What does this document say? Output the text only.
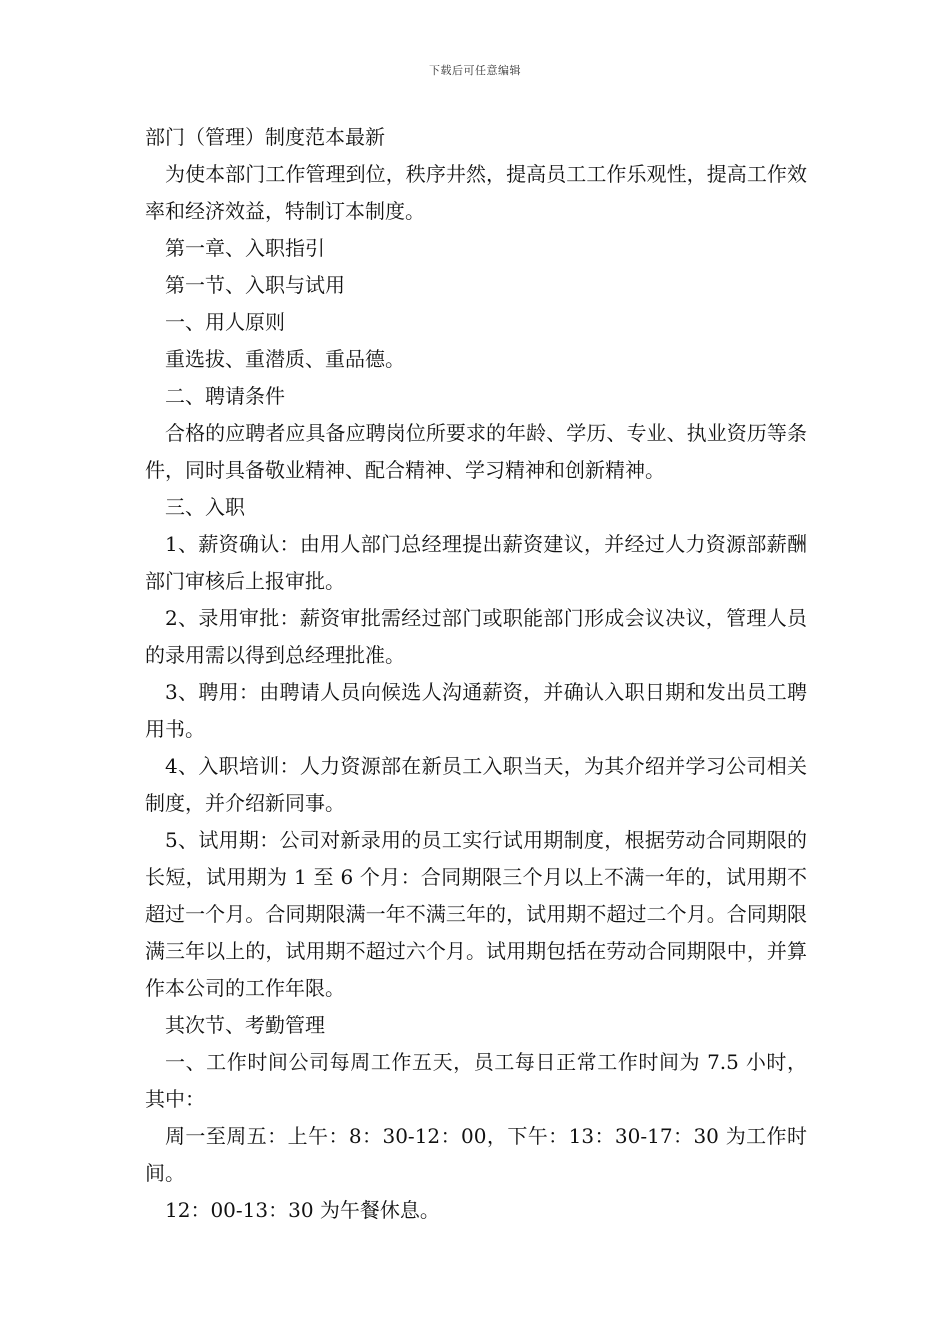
下载后可任意编辑

部门（管理）制度范本最新

为使本部门工作管理到位，秩序井然，提高员工工作乐观性，提高工作效率和经济效益，特制订本制度。

第一章、入职指引

第一节、入职与试用

一、用人原则

重选拔、重潜质、重品德。

二、聘请条件

合格的应聘者应具备应聘岗位所要求的年龄、学历、专业、执业资历等条件，同时具备敬业精神、配合精神、学习精神和创新精神。

三、入职

1、薪资确认：由用人部门总经理提出薪资建议，并经过人力资源部薪酬部门审核后上报审批。

2、录用审批：薪资审批需经过部门或职能部门形成会议决议，管理人员的录用需以得到总经理批准。

3、聘用：由聘请人员向候选人沟通薪资，并确认入职日期和发出员工聘用书。

4、入职培训：人力资源部在新员工入职当天，为其介绍并学习公司相关制度，并介绍新同事。

5、试用期：公司对新录用的员工实行试用期制度，根据劳动合同期限的长短，试用期为 1 至 6 个月：合同期限三个月以上不满一年的，试用期不超过一个月。合同期限满一年不满三年的，试用期不超过二个月。合同期限满三年以上的，试用期不超过六个月。试用期包括在劳动合同期限中，并算作本公司的工作年限。

其次节、考勤管理

一、工作时间公司每周工作五天，员工每日正常工作时间为 7.5 小时，其中：

周一至周五：上午：8：30-12：00，下午：13：30-17：30 为工作时间。

12：00-13：30 为午餐休息。
